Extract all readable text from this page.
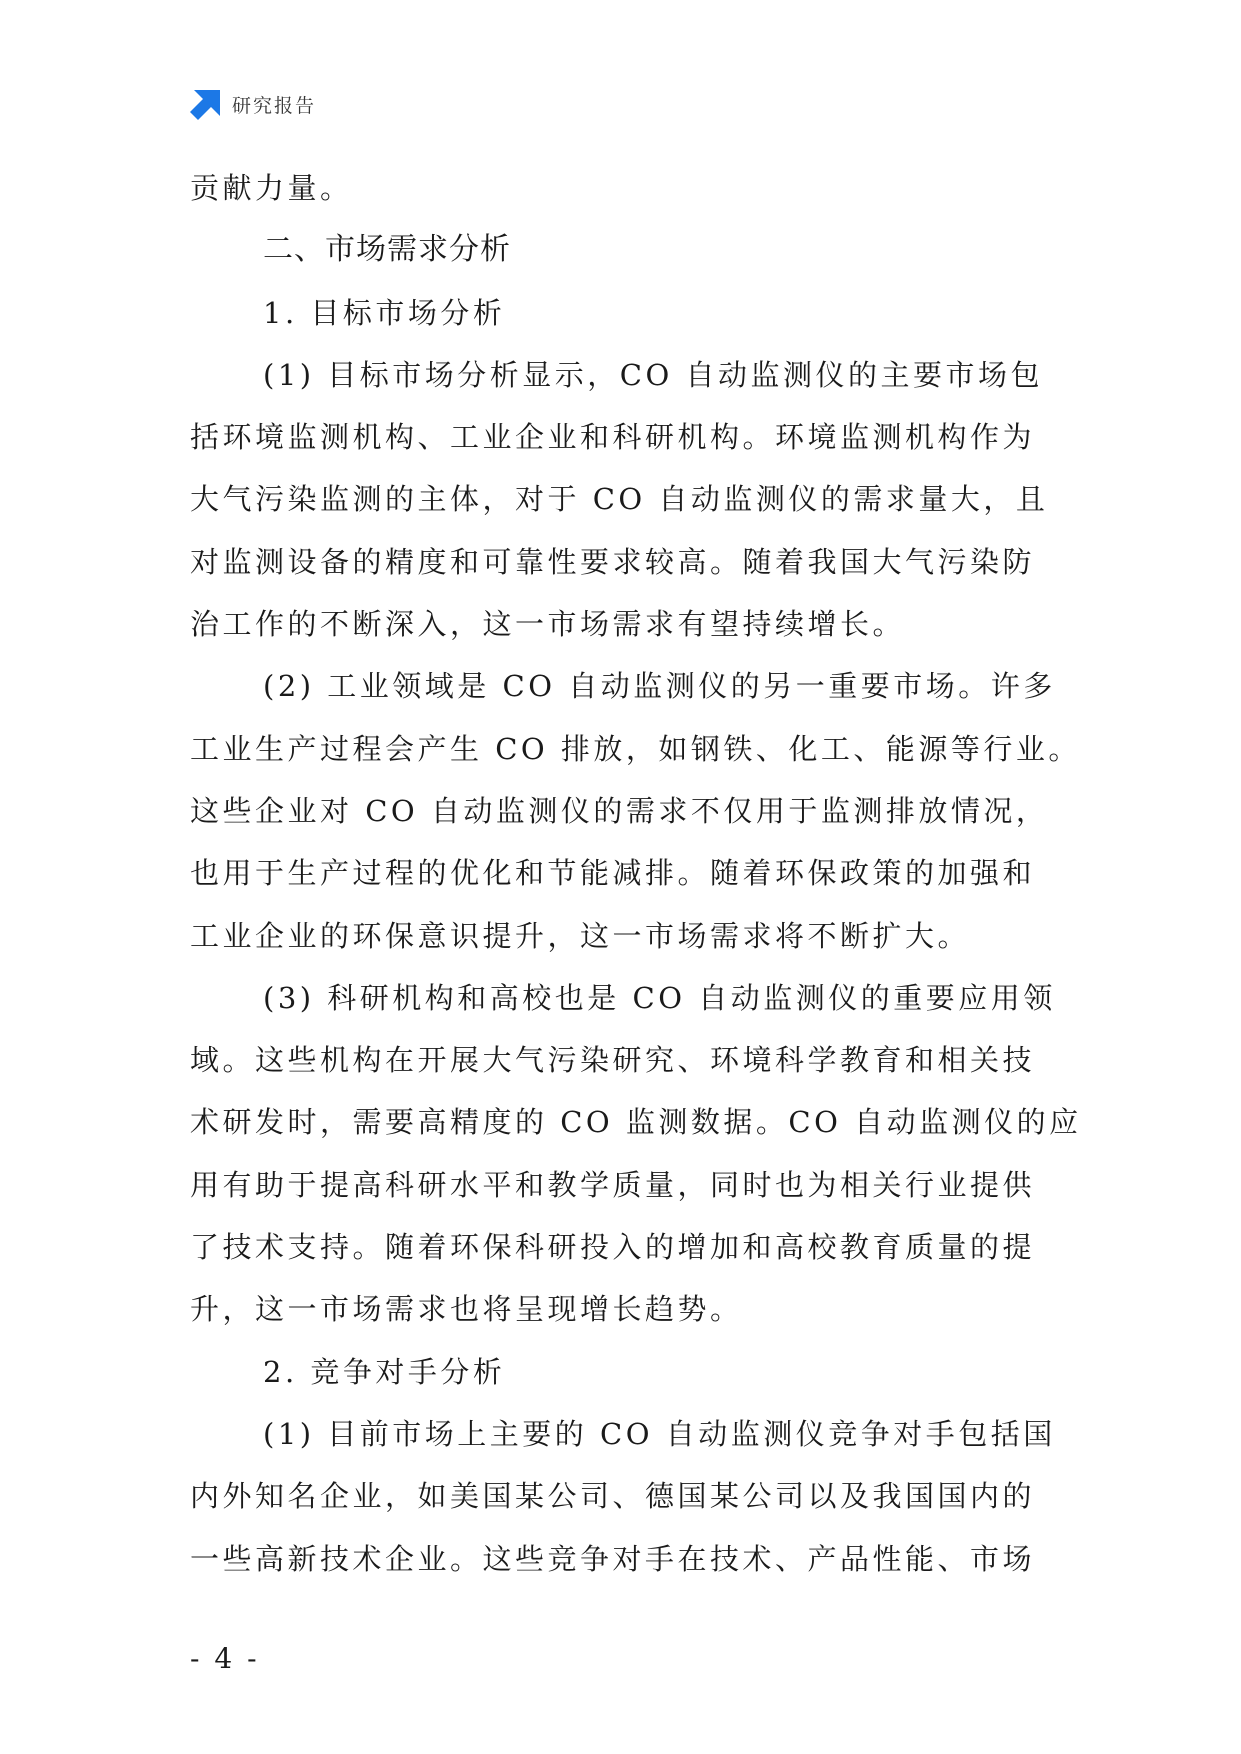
研究报告
贡献力量。
二、市场需求分析
1. 目标市场分析
(1) 目标市场分析显示，CO 自动监测仪的主要市场包
括环境监测机构、工业企业和科研机构。环境监测机构作为
大气污染监测的主体，对于 CO 自动监测仪的需求量大，且
对监测设备的精度和可靠性要求较高。随着我国大气污染防
治工作的不断深入，这一市场需求有望持续增长。
(2) 工业领域是 CO 自动监测仪的另一重要市场。许多
工业生产过程会产生 CO 排放，如钢铁、化工、能源等行业。
这些企业对 CO 自动监测仪的需求不仅用于监测排放情况，
也用于生产过程的优化和节能减排。随着环保政策的加强和
工业企业的环保意识提升，这一市场需求将不断扩大。
(3) 科研机构和高校也是 CO 自动监测仪的重要应用领
域。这些机构在开展大气污染研究、环境科学教育和相关技
术研发时，需要高精度的 CO 监测数据。CO 自动监测仪的应
用有助于提高科研水平和教学质量，同时也为相关行业提供
了技术支持。随着环保科研投入的增加和高校教育质量的提
升，这一市场需求也将呈现增长趋势。
2. 竞争对手分析
(1) 目前市场上主要的 CO 自动监测仪竞争对手包括国
内外知名企业，如美国某公司、德国某公司以及我国国内的
一些高新技术企业。这些竞争对手在技术、产品性能、市场
- 4 -
